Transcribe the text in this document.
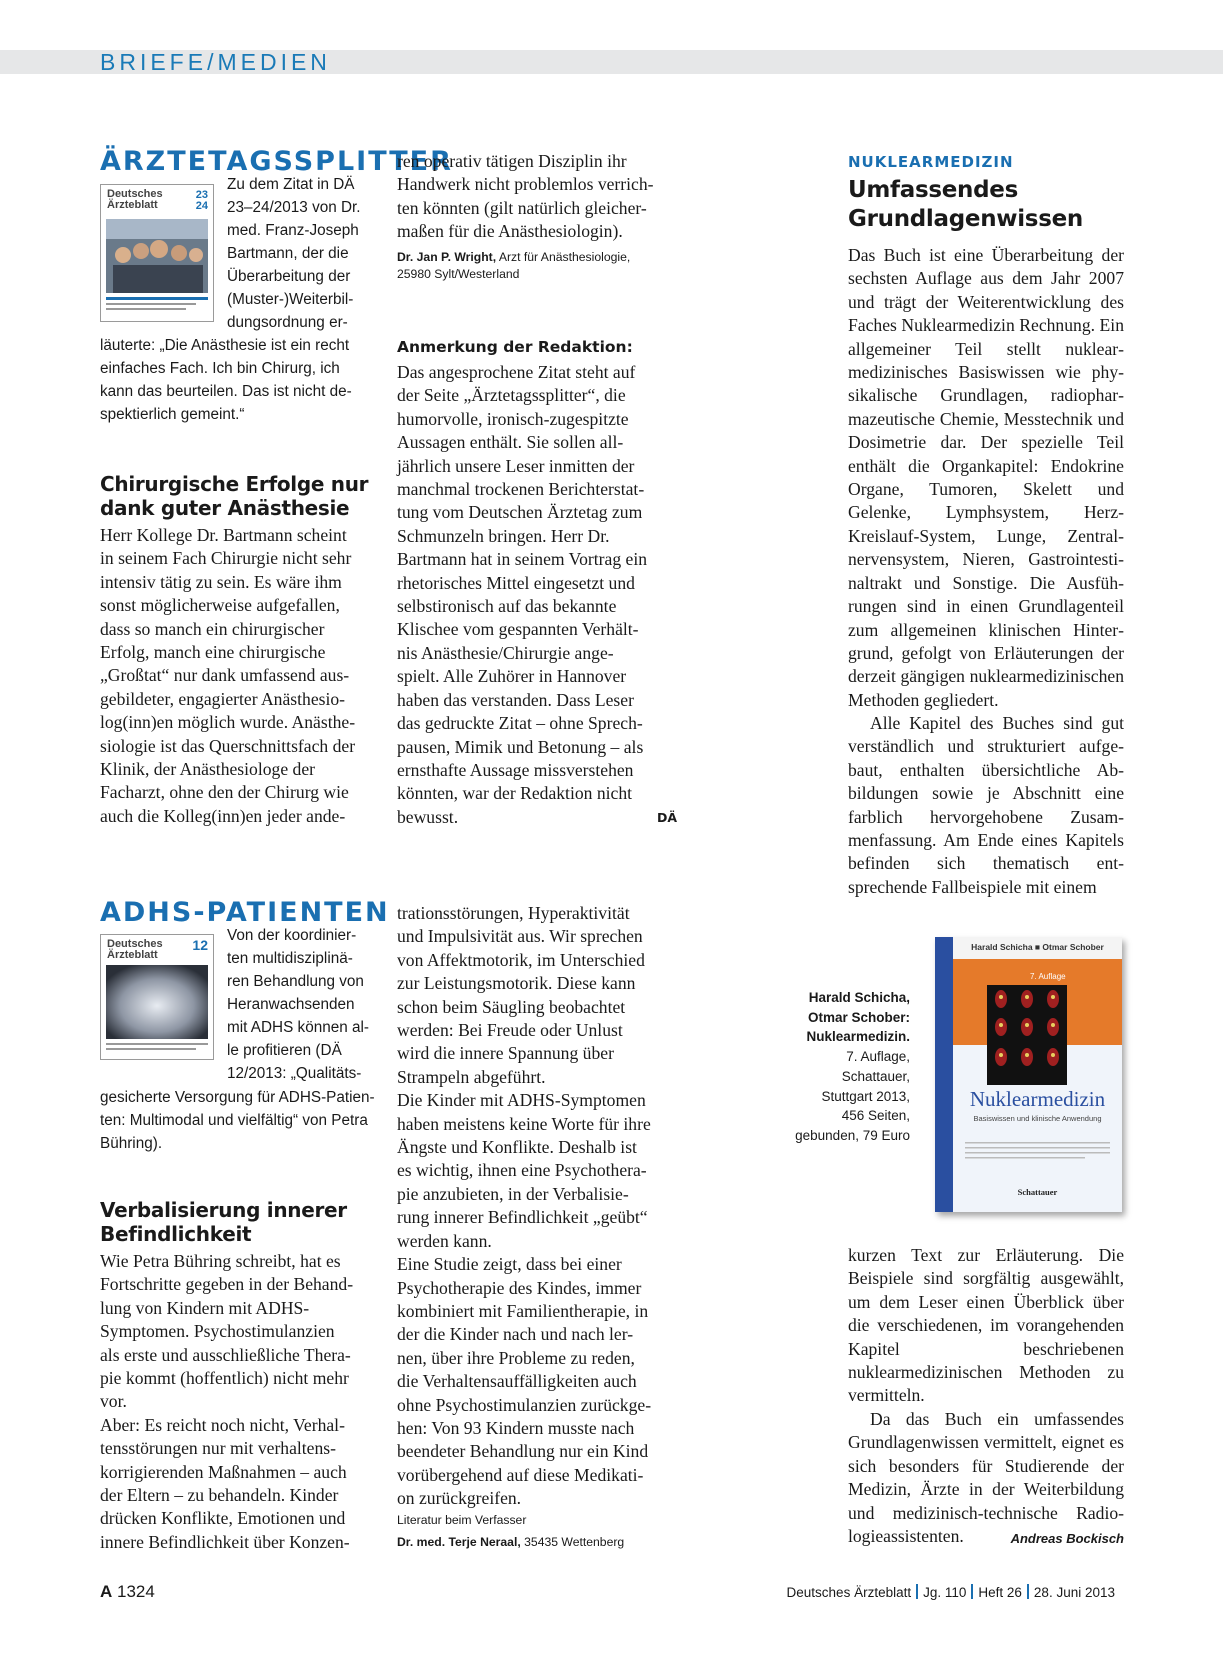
BRIEFE/MEDIEN
ÄRZTETAGSSPLITTER
Deutsches
Ärzteblatt
23
24
Zu dem Zitat in DÄ
23–24/2013 von Dr.
med. Franz-Joseph
Bartmann, der die
Überarbeitung der
(Muster-)Weiterbil-
dungsordnung er-
läuterte: „Die Anästhesie ist ein recht
einfaches Fach. Ich bin Chirurg, ich
kann das beurteilen. Das ist nicht de-
spektierlich gemeint.“
Chirurgische Erfolge nur
dank guter Anästhesie
Herr Kollege Dr. Bartmann scheint
in seinem Fach Chirurgie nicht sehr
intensiv tätig zu sein. Es wäre ihm
sonst möglicherweise aufgefallen,
dass so manch ein chirurgischer
Erfolg, manch eine chirurgische
„Großtat“ nur dank umfassend aus-
gebildeter, engagierter Anästhesio-
log(inn)en möglich wurde. Anästhe-
siologie ist das Querschnittsfach der
Klinik, der Anästhesiologe der
Facharzt, ohne den der Chirurg wie
auch die Kolleg(inn)en jeder ande-
ren operativ tätigen Disziplin ihr
Handwerk nicht problemlos verrich-
ten könnten (gilt natürlich gleicher-
maßen für die Anästhesiologin).
Dr. Jan P. Wright, Arzt für Anästhesiologie,
25980 Sylt/Westerland
Anmerkung der Redaktion:
Das angesprochene Zitat steht auf
der Seite „Ärztetagssplitter“, die
humorvolle, ironisch-zugespitzte
Aussagen enthält. Sie sollen all-
jährlich unsere Leser inmitten der
manchmal trockenen Berichterstat-
tung vom Deutschen Ärztetag zum
Schmunzeln bringen. Herr Dr.
Bartmann hat in seinem Vortrag ein
rhetorisches Mittel eingesetzt und
selbstironisch auf das bekannte
Klischee vom gespannten Verhält-
nis Anästhesie/Chirurgie ange-
spielt. Alle Zuhörer in Hannover
haben das verstanden. Dass Leser
das gedruckte Zitat – ohne Sprech-
pausen, Mimik und Betonung – als
ernsthafte Aussage missverstehen
könnten, war der Redaktion nicht
bewusst.	DÄ
ADHS-PATIENTEN
Deutsches
Ärzteblatt
12
Von der koordinier-
ten multidisziplinä-
ren Behandlung von
Heranwachsenden
mit ADHS können al-
le profitieren (DÄ
12/2013: „Qualitäts-
gesicherte Versorgung für ADHS-Patien-
ten: Multimodal und vielfältig“ von Petra
Bühring).
Verbalisierung innerer
Befindlichkeit
Wie Petra Bühring schreibt, hat es
Fortschritte gegeben in der Behand-
lung von Kindern mit ADHS-
Symptomen. Psychostimulanzien
als erste und ausschließliche Thera-
pie kommt (hoffentlich) nicht mehr
vor.
Aber: Es reicht noch nicht, Verhal-
tensstörungen nur mit verhaltens-
korrigierenden Maßnahmen – auch
der Eltern – zu behandeln. Kinder
drücken Konflikte, Emotionen und
innere Befindlichkeit über Konzen-
trationsstörungen, Hyperaktivität
und Impulsivität aus. Wir sprechen
von Affektmotorik, im Unterschied
zur Leistungsmotorik. Diese kann
schon beim Säugling beobachtet
werden: Bei Freude oder Unlust
wird die innere Spannung über
Strampeln abgeführt.
Die Kinder mit ADHS-Symptomen
haben meistens keine Worte für ihre
Ängste und Konflikte. Deshalb ist
es wichtig, ihnen eine Psychothera-
pie anzubieten, in der Verbalisie-
rung innerer Befindlichkeit „geübt“
werden kann.
Eine Studie zeigt, dass bei einer
Psychotherapie des Kindes, immer
kombiniert mit Familientherapie, in
der die Kinder nach und nach ler-
nen, über ihre Probleme zu reden,
die Verhaltensauffälligkeiten auch
ohne Psychostimulanzien zurückge-
hen: Von 93 Kindern musste nach
beendeter Behandlung nur ein Kind
vorübergehend auf diese Medikati-
on zurückgreifen.
Literatur beim Verfasser
Dr. med. Terje Neraal, 35435 Wettenberg
NUKLEARMEDIZIN
Umfassendes
Grundlagenwissen
Das Buch ist eine Überarbeitung der sechsten Auflage aus dem Jahr 2007 und trägt der Weiterentwicklung des Faches Nuklearmedizin Rechnung. Ein allgemeiner Teil stellt nuklearmedizinisches Basiswissen wie physikalische Grundlagen, radiopharmazeutische Chemie, Messtechnik und Dosimetrie dar. Der spezielle Teil enthält die Organkapitel: Endokrine Organe, Tumoren, Skelett und Gelenke, Lymphsystem, Herz-Kreislauf-System, Lunge, Zentralnervensystem, Nieren, Gastrointestinaltrakt und Sonstige. Die Ausführungen sind in einen Grundlagenteil zum allgemeinen klinischen Hintergrund, gefolgt von Erläuterungen der derzeit gängigen nuklearmedizinischen Methoden gegliedert.
Alle Kapitel des Buches sind gut verständlich und strukturiert aufgebaut, enthalten übersichtliche Abbildungen sowie je Abschnitt eine farblich hervorgehobene Zusammenfassung. Am Ende eines Kapitels befinden sich thematisch entsprechende Fallbeispiele mit einem
Harald Schicha,
Otmar Schober:
Nuklearmedizin.
7. Auflage,
Schattauer,
Stuttgart 2013,
456 Seiten,
gebunden, 79 Euro
Harald Schicha ■ Otmar Schober
7. Auflage
Nuklearmedizin
Basiswissen und klinische Anwendung
Schattauer
kurzen Text zur Erläuterung. Die Beispiele sind sorgfältig ausgewählt, um dem Leser einen Überblick über die verschiedenen, im vorangehenden Kapitel beschriebenen nuklearmedizinischen Methoden zu vermitteln.
Da das Buch ein umfassendes Grundlagenwissen vermittelt, eignet es sich besonders für Studierende der Medizin, Ärzte in der Weiterbildung und medizinisch-technische Radiologieassistenten.	Andreas Bockisch
A 1324	Deutsches Ärzteblatt Jg. 110 Heft 26 28. Juni 2013
